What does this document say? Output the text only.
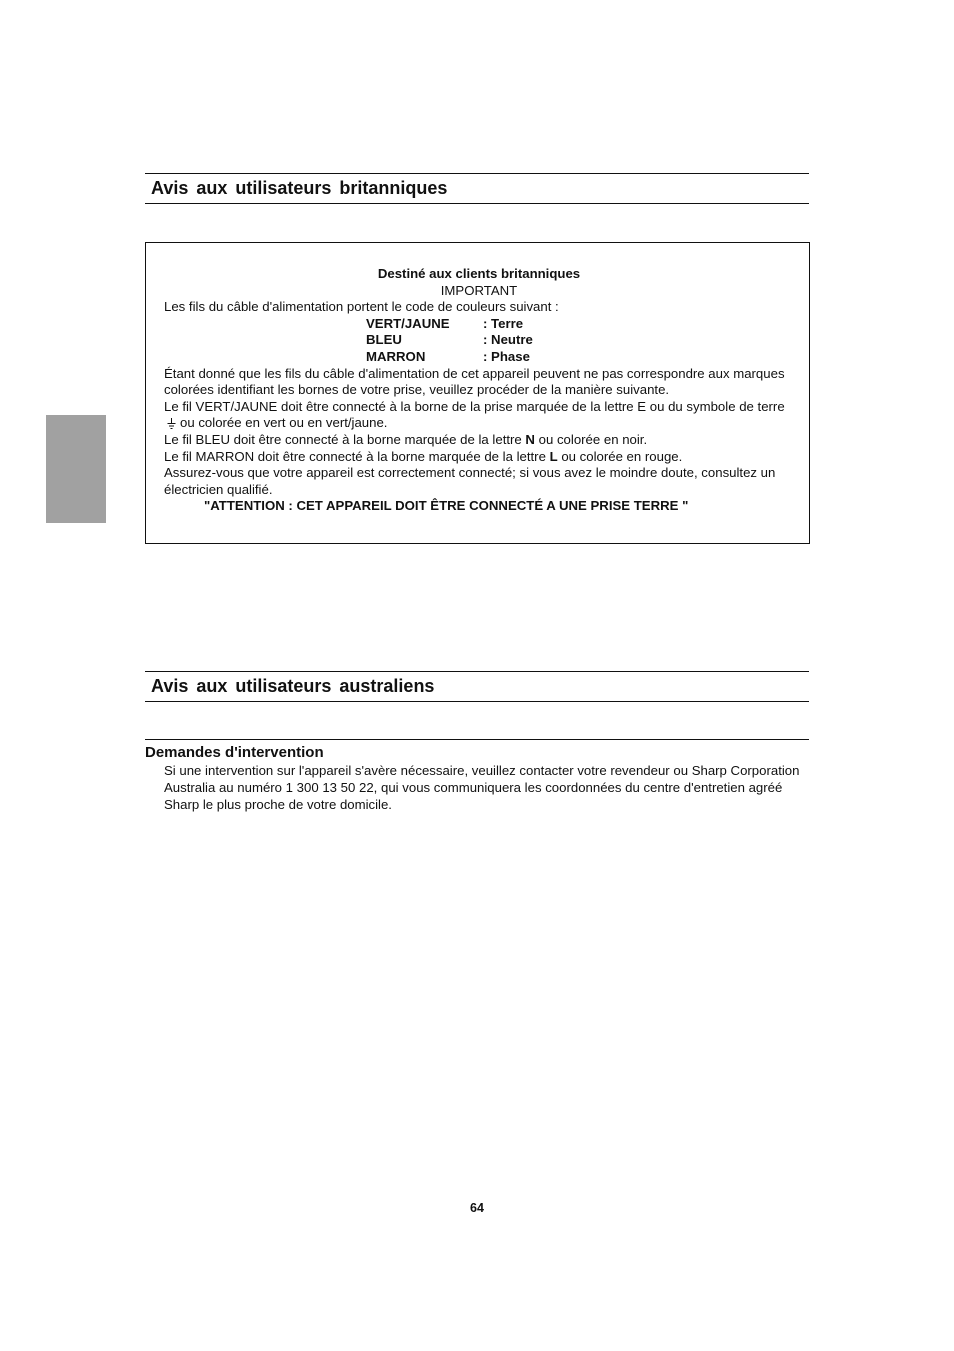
Avis aux utilisateurs britanniques

Destiné aux clients britanniques

IMPORTANT

Les fils du câble d'alimentation portent le code de couleurs suivant :

VERT/JAUNE	: Terre
BLEU	: Neutre
MARRON	: Phase

Étant donné que les fils du câble d'alimentation de cet appareil peuvent ne pas correspondre aux marques colorées identifiant les bornes de votre prise, veuillez procéder de la manière suivante.

Le fil VERT/JAUNE doit être connecté à la borne de la prise marquée de la lettre E ou du symbole de terreou colorée en vert ou en vert/jaune.

Le fil BLEU doit être connecté à la borne marquée de la lettre N ou colorée en noir.

Le fil MARRON doit être connecté à la borne marquée de la lettre L ou colorée en rouge.

Assurez-vous que votre appareil est correctement connecté; si vous avez le moindre doute, consultez un électricien qualifié.

"ATTENTION : CET APPAREIL DOIT ÊTRE CONNECTÉ A UNE PRISE TERRE "

Avis aux utilisateurs australiens
Demandes d'intervention

Si une intervention sur l'appareil s'avère nécessaire, veuillez contacter votre revendeur ou Sharp Corporation Australia au numéro 1 300 13 50 22, qui vous communiquera les coordonnées du centre d'entretien agréé Sharp le plus proche de votre domicile.

64
